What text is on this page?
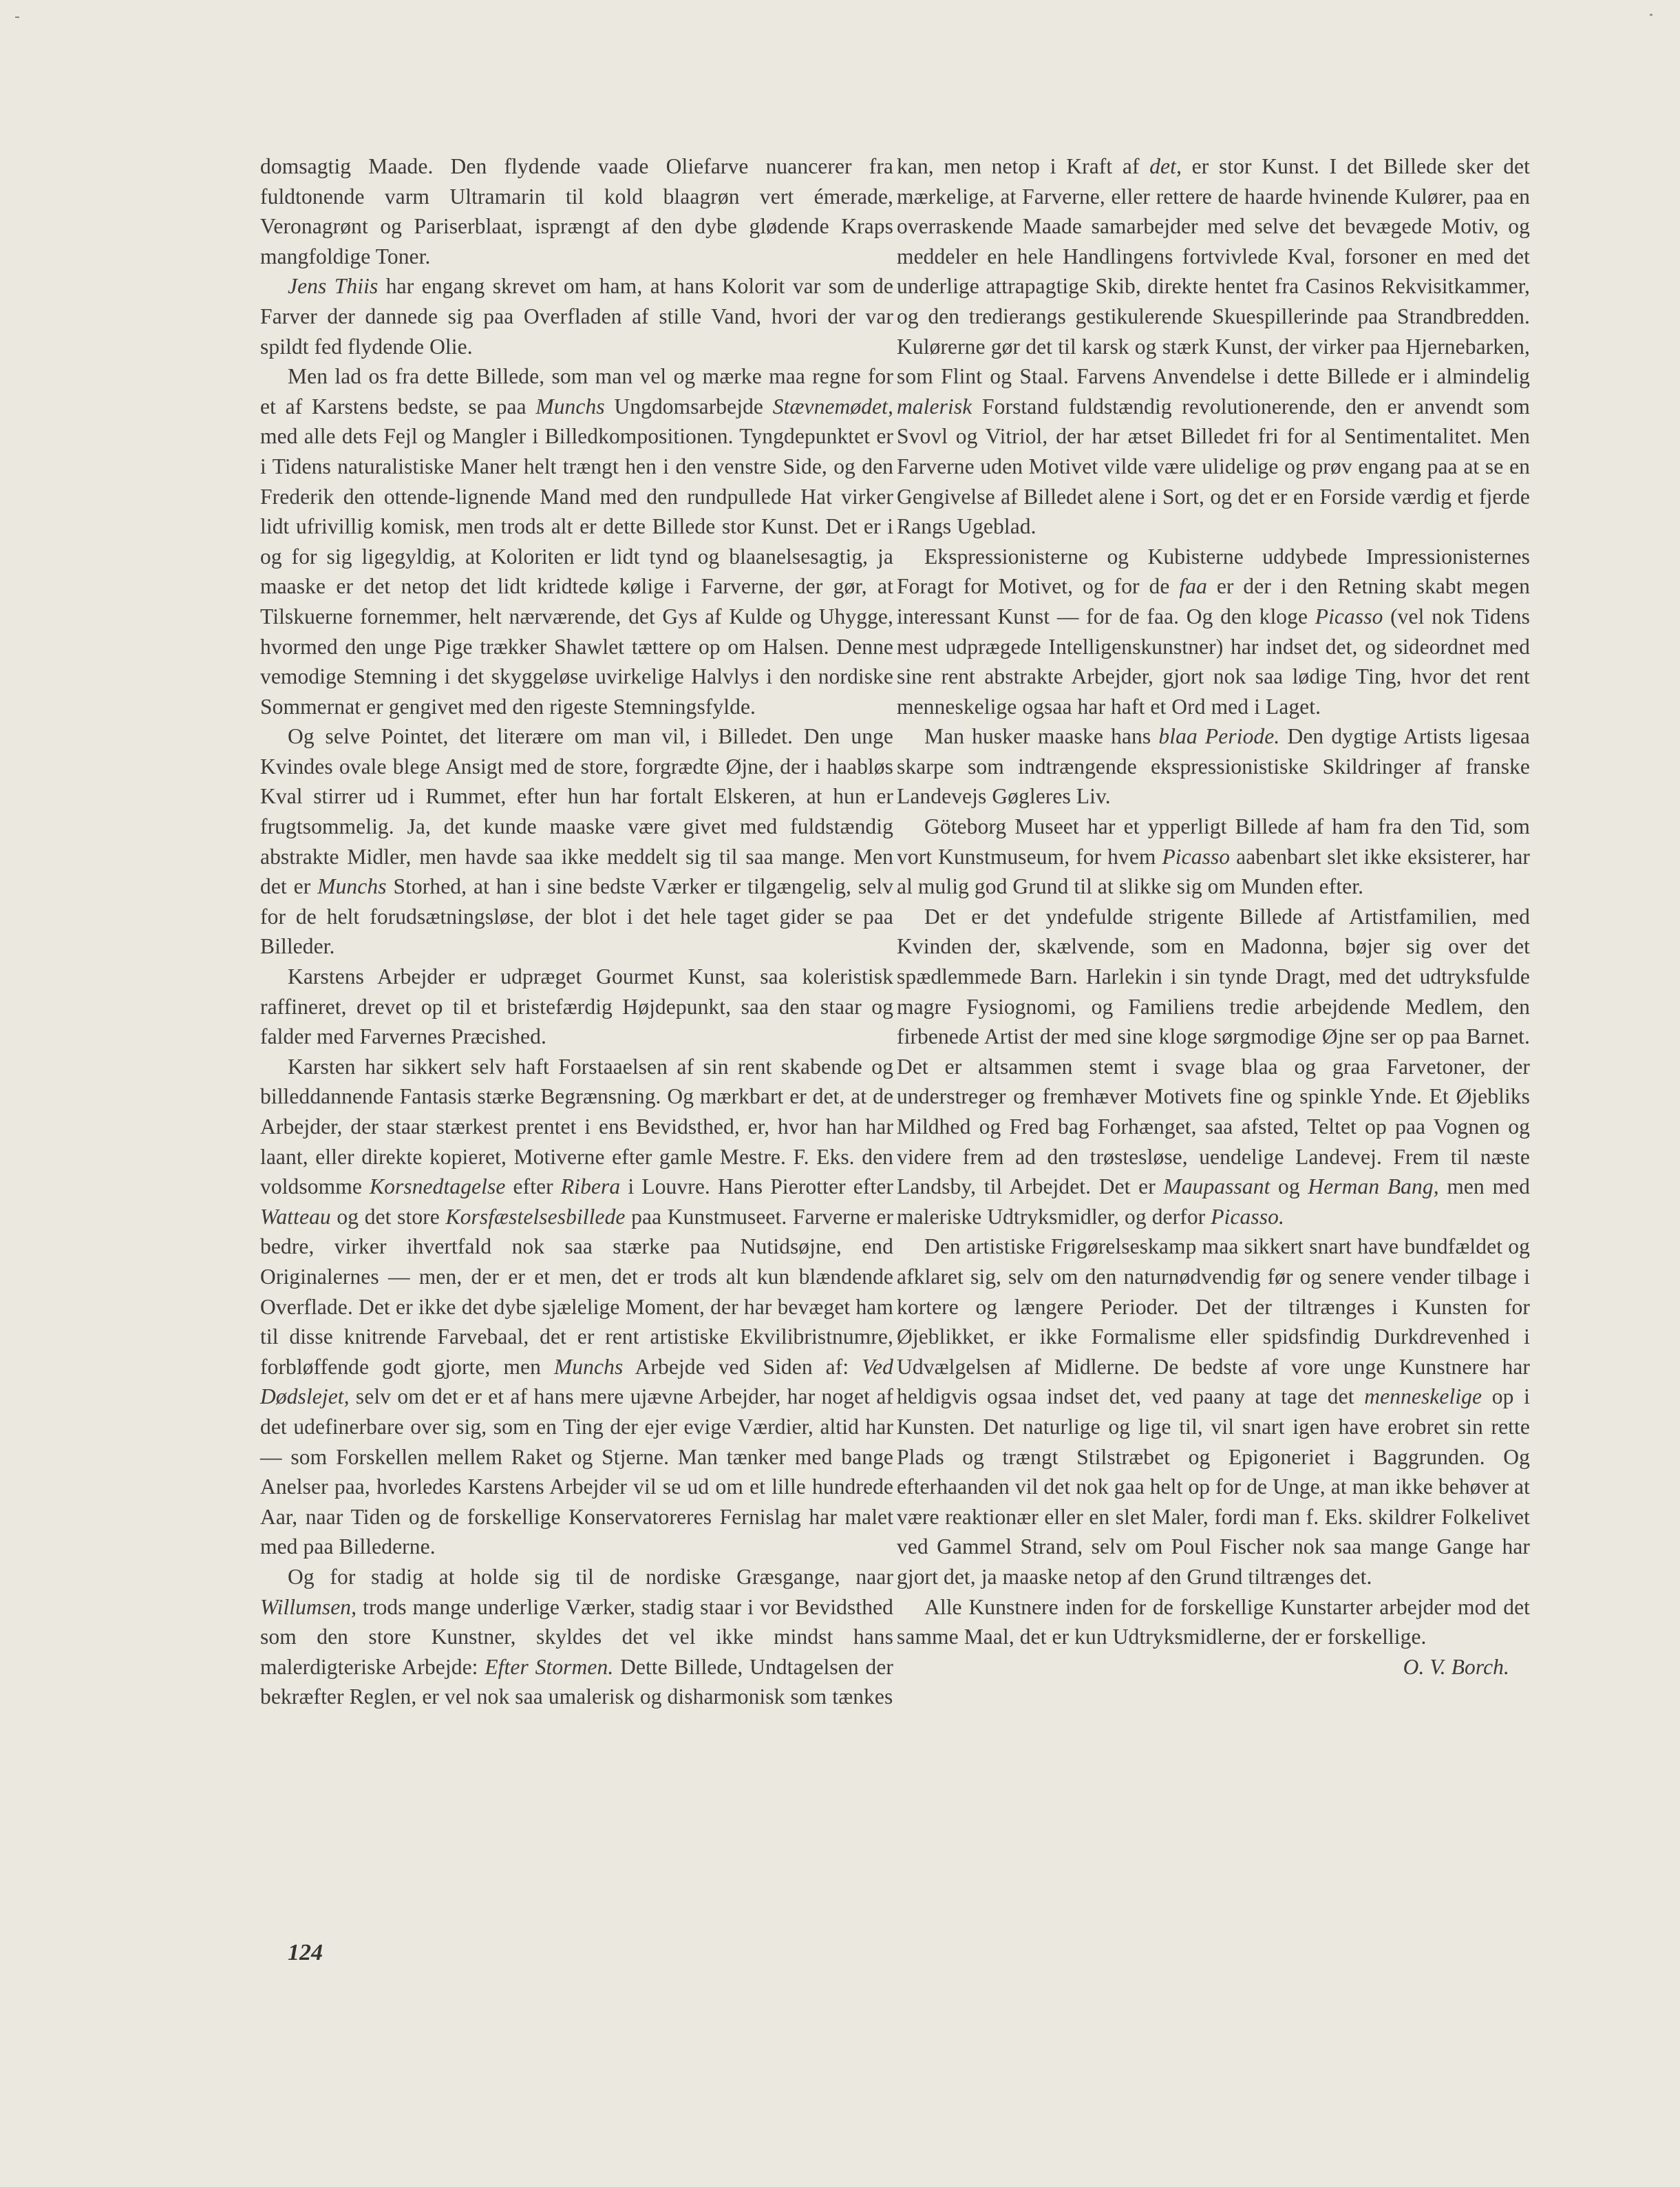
domsagtig Maade. Den flydende vaade Oliefarve nuancerer fra fuldtonende varm Ultramarin til kold blaagrøn vert émerade, Veronagrønt og Pariserblaat, isprængt af den dybe glødende Kraps mangfoldige Toner.

Jens Thiis har engang skrevet om ham, at hans Kolorit var som de Farver der dannede sig paa Overfladen af stille Vand, hvori der var spildt fed flydende Olie.

Men lad os fra dette Billede, som man vel og mærke maa regne for et af Karstens bedste, se paa Munchs Ungdomsarbejde Stævnemødet, med alle dets Fejl og Mangler i Billedkompositionen. Tyngdepunktet er i Tidens naturalistiske Maner helt trængt hen i den venstre Side, og den Frederik den ottende-lignende Mand med den rundpullede Hat virker lidt ufrivillig komisk, men trods alt er dette Billede stor Kunst. Det er i og for sig ligegyldig, at Koloriten er lidt tynd og blaanelsesagtig, ja maaske er det netop det lidt kridtede kølige i Farverne, der gør, at Tilskuerne fornemmer, helt nærværende, det Gys af Kulde og Uhygge, hvormed den unge Pige trækker Shawlet tættere op om Halsen. Denne vemodige Stemning i det skyggeløse uvirkelige Halvlys i den nordiske Sommernat er gengivet med den rigeste Stemningsfylde.

Og selve Pointet, det literære om man vil, i Billedet. Den unge Kvindes ovale blege Ansigt med de store, forgrædte Øjne, der i haabløs Kval stirrer ud i Rummet, efter hun har fortalt Elskeren, at hun er frugtsommelig. Ja, det kunde maaske være givet med fuldstændig abstrakte Midler, men havde saa ikke meddelt sig til saa mange. Men det er Munchs Storhed, at han i sine bedste Værker er tilgængelig, selv for de helt forudsætningsløse, der blot i det hele taget gider se paa Billeder.

Karstens Arbejder er udpræget Gourmet Kunst, saa koleristisk raffineret, drevet op til et bristefærdig Højdepunkt, saa den staar og falder med Farvernes Præcished.

Karsten har sikkert selv haft Forstaaelsen af sin rent skabende og billeddannende Fantasis stærke Begrænsning. Og mærkbart er det, at de Arbejder, der staar stærkest prentet i ens Bevidsthed, er, hvor han har laant, eller direkte kopieret, Motiverne efter gamle Mestre. F. Eks. den voldsomme Korsnedtagelse efter Ribera i Louvre. Hans Pierotter efter Watteau og det store Korsfæstelsesbillede paa Kunstmuseet. Farverne er bedre, virker ihvertfald nok saa stærke paa Nutidsøjne, end Originalernes — men, der er et men, det er trods alt kun blændende Overflade. Det er ikke det dybe sjælelige Moment, der har bevæget ham til disse knitrende Farvebaal, det er rent artistiske Ekvilibristnumre, forbløffende godt gjorte, men Munchs Arbejde ved Siden af: Ved Dødslejet, selv om det er et af hans mere ujævne Arbejder, har noget af det udefinerbare over sig, som en Ting der ejer evige Værdier, altid har — som Forskellen mellem Raket og Stjerne. Man tænker med bange Anelser paa, hvorledes Karstens Arbejder vil se ud om et lille hundrede Aar, naar Tiden og de forskellige Konservatoreres Fernislag har malet med paa Billederne.

Og for stadig at holde sig til de nordiske Græsgange, naar Willumsen, trods mange underlige Værker, stadig staar i vor Bevidsthed som den store Kunstner, skyldes det vel ikke mindst hans malerdigteriske Arbejde: Efter Stormen. Dette Billede, Undtagelsen der bekræfter Reglen, er vel nok saa umalerisk og disharmonisk som tænkes

kan, men netop i Kraft af det, er stor Kunst. I det Billede sker det mærkelige, at Farverne, eller rettere de haarde hvinende Kulører, paa en overraskende Maade samarbejder med selve det bevægede Motiv, og meddeler en hele Handlingens fortvivlede Kval, forsoner en med det underlige attrapagtige Skib, direkte hentet fra Casinos Rekvisitkammer, og den tredierangs gestikulerende Skuespillerinde paa Strandbredden. Kulørerne gør det til karsk og stærk Kunst, der virker paa Hjernebarken, som Flint og Staal. Farvens Anvendelse i dette Billede er i almindelig malerisk Forstand fuldstændig revolutionerende, den er anvendt som Svovl og Vitriol, der har ætset Billedet fri for al Sentimentalitet. Men Farverne uden Motivet vilde være ulidelige og prøv engang paa at se en Gengivelse af Billedet alene i Sort, og det er en Forside værdig et fjerde Rangs Ugeblad.

Ekspressionisterne og Kubisterne uddybede Impressionisternes Foragt for Motivet, og for de faa er der i den Retning skabt megen interessant Kunst — for de faa. Og den kloge Picasso (vel nok Tidens mest udprægede Intelligenskunstner) har indset det, og sideordnet med sine rent abstrakte Arbejder, gjort nok saa lødige Ting, hvor det rent menneskelige ogsaa har haft et Ord med i Laget.

Man husker maaske hans blaa Periode. Den dygtige Artists ligesaa skarpe som indtrængende ekspressionistiske Skildringer af franske Landevejs Gøgleres Liv.

Göteborg Museet har et ypperligt Billede af ham fra den Tid, som vort Kunstmuseum, for hvem Picasso aabenbart slet ikke eksisterer, har al mulig god Grund til at slikke sig om Munden efter.

Det er det yndefulde strigente Billede af Artistfamilien, med Kvinden der, skælvende, som en Madonna, bøjer sig over det spædlemmede Barn. Harlekin i sin tynde Dragt, med det udtryksfulde magre Fysiognomi, og Familiens tredie arbejdende Medlem, den firbenede Artist der med sine kloge sørgmodige Øjne ser op paa Barnet. Det er altsammen stemt i svage blaa og graa Farvetoner, der understreger og fremhæver Motivets fine og spinkle Ynde. Et Øjebliks Mildhed og Fred bag Forhænget, saa afsted, Teltet op paa Vognen og videre frem ad den trøstesløse, uendelige Landevej. Frem til næste Landsby, til Arbejdet. Det er Maupassant og Herman Bang, men med maleriske Udtryksmidler, og derfor Picasso.

Den artistiske Frigørelseskamp maa sikkert snart have bundfældet og afklaret sig, selv om den naturnødvendig før og senere vender tilbage i kortere og længere Perioder. Det der tiltrænges i Kunsten for Øjeblikket, er ikke Formalisme eller spidsfindig Durkdrevenhed i Udvælgelsen af Midlerne. De bedste af vore unge Kunstnere har heldigvis ogsaa indset det, ved paany at tage det menneskelige op i Kunsten. Det naturlige og lige til, vil snart igen have erobret sin rette Plads og trængt Stilstræbet og Epigoneriet i Baggrunden. Og efterhaanden vil det nok gaa helt op for de Unge, at man ikke behøver at være reaktionær eller en slet Maler, fordi man f. Eks. skildrer Folkelivet ved Gammel Strand, selv om Poul Fischer nok saa mange Gange har gjort det, ja maaske netop af den Grund tiltrænges det.

Alle Kunstnere inden for de forskellige Kunstarter arbejder mod det samme Maal, det er kun Udtryksmidlerne, der er forskellige.
O. V. Borch.

124
